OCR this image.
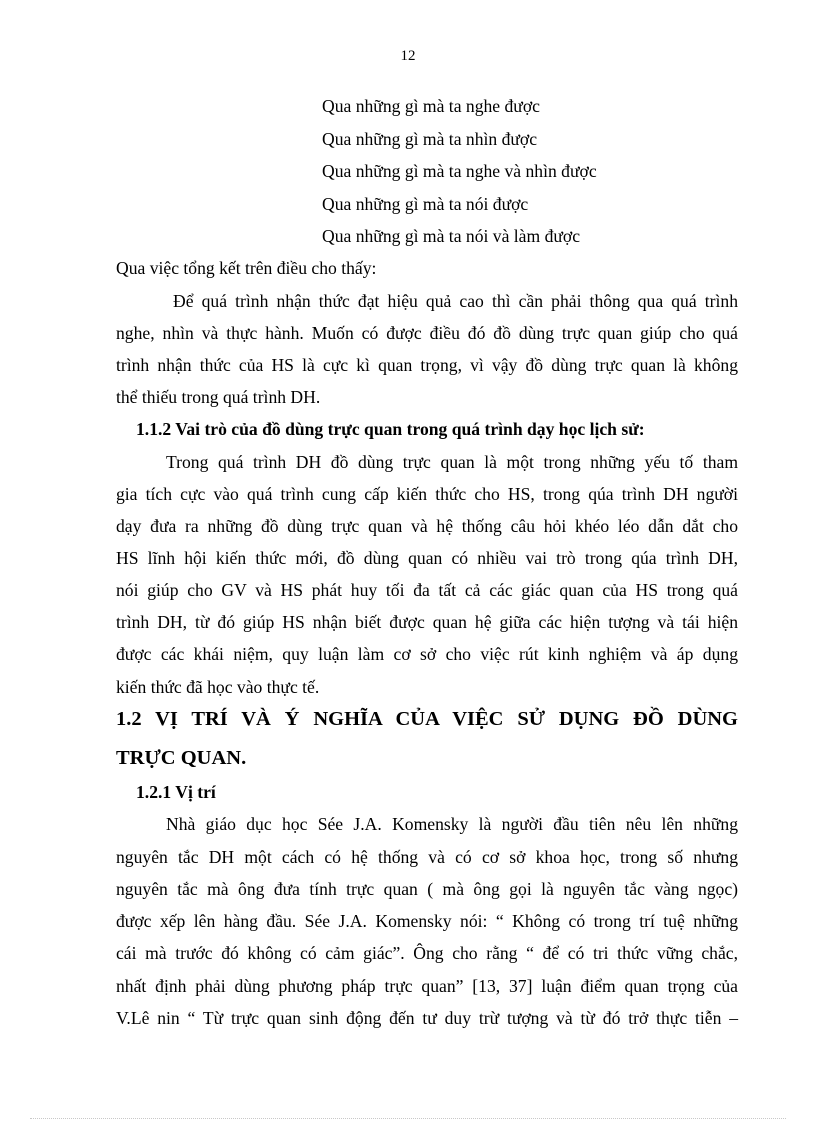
12
Qua những gì mà ta nghe được
Qua những gì mà ta nhìn được
Qua những gì mà ta nghe và nhìn được
Qua những gì mà ta nói được
Qua những gì mà ta nói và làm được
Qua việc tổng kết trên điều cho thấy:
Để quá trình nhận thức đạt hiệu quả cao thì cần phải thông qua quá trình
nghe, nhìn và thực hành. Muốn có được điều đó đồ dùng trực quan giúp cho quá
trình nhận thức của HS là cực kì quan trọng, vì vậy đồ dùng trực quan là không
thể thiếu trong quá trình DH.
1.1.2 Vai trò của đồ dùng trực quan trong quá trình dạy học lịch sử:
Trong quá trình DH đồ dùng trực quan là một trong những yếu tố tham
gia tích cực vào quá trình cung cấp kiến thức cho HS, trong qúa trình DH người
dạy đưa ra những đồ dùng trực quan và hệ thống câu hỏi khéo léo dẫn dắt cho
HS lĩnh hội kiến thức mới, đồ dùng quan có nhiều vai trò trong qúa trình DH,
nói giúp cho GV và HS phát huy tối đa tất cả các giác quan của HS trong quá
trình DH, từ đó giúp HS nhận biết được quan hệ giữa các hiện tượng và tái hiện
được các khái niệm, quy luận làm cơ sở cho việc rút kinh nghiệm và áp dụng
kiến thức đã học vào thực tế.
1.2 VỊ TRÍ VÀ Ý NGHĨA CỦA VIỆC SỬ DỤNG ĐỒ DÙNG
TRỰC QUAN.
1.2.1 Vị trí
Nhà giáo dục học Sée J.A. Komensky là người đầu tiên nêu lên những
nguyên tắc DH một cách có hệ thống và có cơ sở khoa học, trong số nhưng
nguyên tắc mà ông đưa tính trực quan ( mà ông gọi là nguyên tắc vàng ngọc)
được xếp lên hàng đầu. Sée J.A. Komensky nói: “ Không có trong trí tuệ những
cái mà trước đó không có cảm giác”. Ông cho rằng “ để có tri thức vững chắc,
nhất định phải dùng phương pháp trực quan” [13, 37] luận điểm quan trọng của
V.Lê nin “ Từ trực quan sinh động đến tư duy trừ tượng và từ đó trở thực tiễn –
